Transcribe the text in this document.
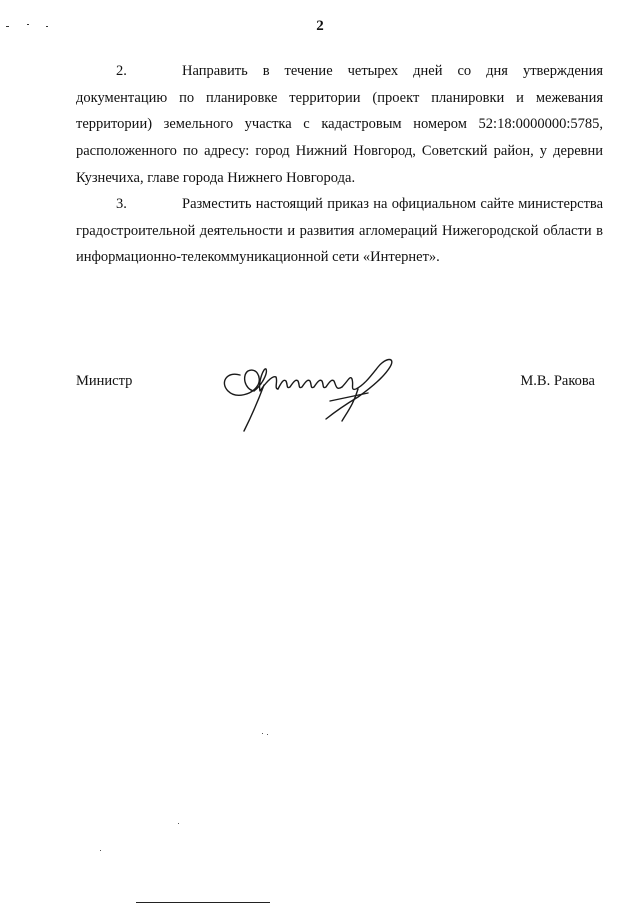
2

2.	Направить в течение четырех дней со дня утверждения документацию по планировке территории (проект планировки и межевания территории) земельного участка с кадастровым номером 52:18:0000000:5785, расположенного по адресу: город Нижний Новгород, Советский район, у деревни Кузнечиха, главе города Нижнего Новгорода.

3.	Разместить настоящий приказ на официальном сайте министерства градостроительной деятельности и развития агломераций Нижегородской области в информационно-телекоммуникационной сети «Интернет».

Министр	М.В. Ракова
